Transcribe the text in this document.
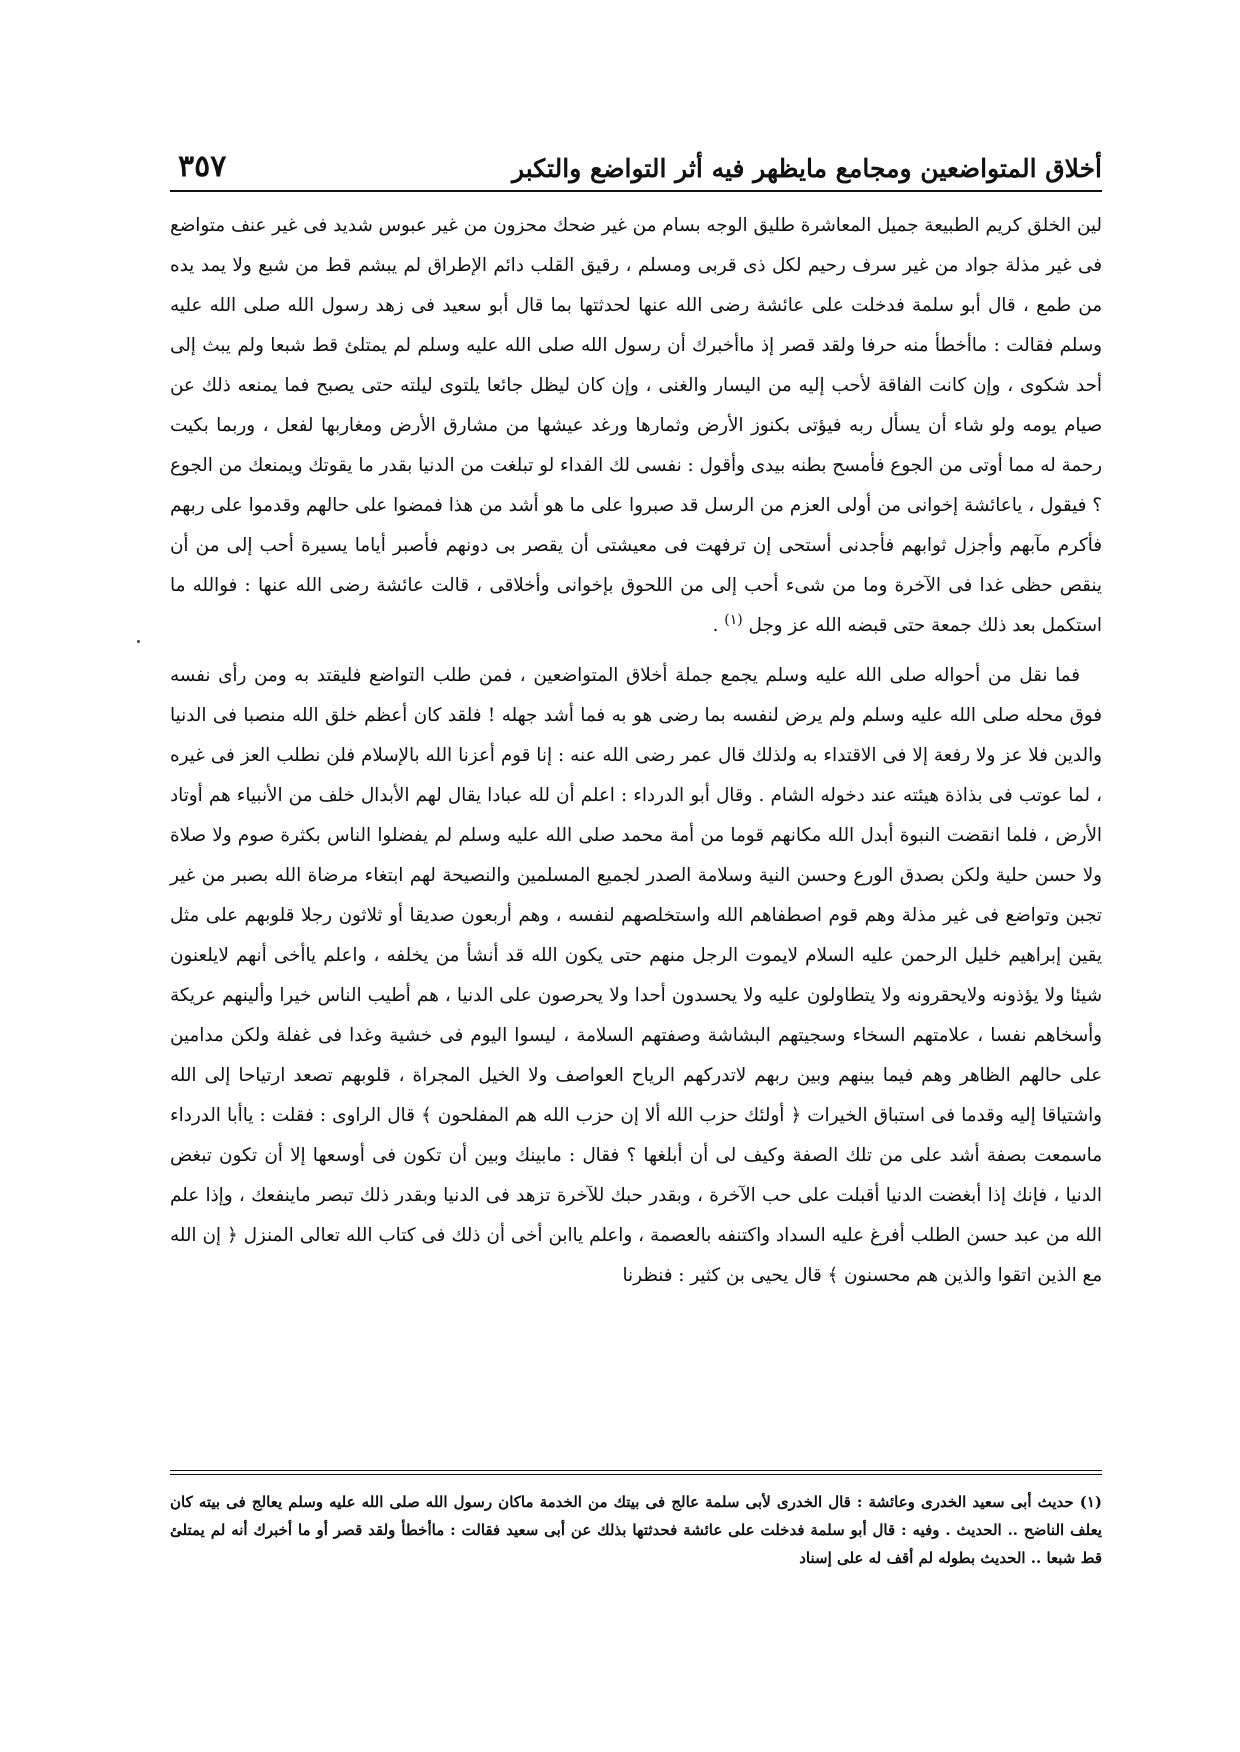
أخلاق المتواضعين ومجامع مايظهر فيه أثر التواضع والتكبر
٣٥٧

لين الخلق كريم الطبيعة جميل المعاشرة طليق الوجه بسام من غير ضحك محزون من غير عبوس شديد فى غير عنف متواضع فى غير مذلة جواد من غير سرف رحيم لكل ذى قربى ومسلم ، رقيق القلب دائم الإطراق لم يبشم قط من شبع ولا يمد يده من طمع ، قال أبو سلمة فدخلت على عائشة رضى الله عنها لحدثتها بما قال أبو سعيد فى زهد رسول الله صلى الله عليه وسلم فقالت : ماأخطأ منه حرفا ولقد قصر إذ ماأخبرك أن رسول الله صلى الله عليه وسلم لم يمتلئ قط شبعا ولم يبث إلى أحد شكوى ، وإن كانت الفاقة لأحب إليه من اليسار والغنى ، وإن كان ليظل جائعا يلتوى ليلته حتى يصبح فما يمنعه ذلك عن صيام يومه ولو شاء أن يسأل ربه فيؤتى بكنوز الأرض وثمارها ورغد عيشها من مشارق الأرض ومغاربها لفعل ، وربما بكيت رحمة له مما أوتى من الجوع فأمسح بطنه بيدى وأقول : نفسى لك الفداء لو تبلغت من الدنيا بقدر ما يقوتك ويمنعك من الجوع ؟ فيقول ، ياعائشة إخوانى من أولى العزم من الرسل قد صبروا على ما هو أشد من هذا فمضوا على حالهم وقدموا على ربهم فأكرم مآبهم وأجزل ثوابهم فأجدنى أستحى إن ترفهت فى معيشتى أن يقصر بى دونهم فأصبر أياما يسيرة أحب إلى من أن ينقص حظى غدا فى الآخرة وما من شىء أحب إلى من اللحوق بإخوانى وأخلاقى ، قالت عائشة رضى الله عنها : فوالله ما استكمل بعد ذلك جمعة حتى قبضه الله عز وجل $^{(١)}$ .

فما نقل من أحواله صلى الله عليه وسلم يجمع جملة أخلاق المتواضعين ، فمن طلب التواضع فليقتد به ومن رأى نفسه فوق محله صلى الله عليه وسلم ولم يرض لنفسه بما رضى هو به فما أشد جهله ! فلقد كان أعظم خلق الله منصبا فى الدنيا والدين فلا عز ولا رفعة إلا فى الاقتداء به ولذلك قال عمر رضى الله عنه : إنا قوم أعزنا الله بالإسلام فلن نطلب العز فى غيره ، لما عوتب فى بذاذة هيئته عند دخوله الشام . وقال أبو الدرداء : اعلم أن لله عبادا يقال لهم الأبدال خلف من الأنبياء هم أوتاد الأرض ، فلما انقضت النبوة أبدل الله مكانهم قوما من أمة محمد صلى الله عليه وسلم لم يفضلوا الناس بكثرة صوم ولا صلاة ولا حسن حلية ولكن بصدق الورع وحسن النية وسلامة الصدر لجميع المسلمين والنصيحة لهم ابتغاء مرضاة الله بصبر من غير تجبن وتواضع فى غير مذلة وهم قوم اصطفاهم الله واستخلصهم لنفسه ، وهم أربعون صديقا أو ثلاثون رجلا قلوبهم على مثل يقين إبراهيم خليل الرحمن عليه السلام لايموت الرجل منهم حتى يكون الله قد أنشأ من يخلفه ، واعلم ياأخى أنهم لايلعنون شيئا ولا يؤذونه ولايحقرونه ولا يتطاولون عليه ولا يحسدون أحدا ولا يحرصون على الدنيا ، هم أطيب الناس خيرا وألينهم عريكة وأسخاهم نفسا ، علامتهم السخاء وسجيتهم البشاشة وصفتهم السلامة ، ليسوا اليوم فى خشية وغدا فى غفلة ولكن مدامين على حالهم الظاهر وهم فيما بينهم وبين ربهم لاتدركهم الرياح العواصف ولا الخيل المجراة ، قلوبهم تصعد ارتياحا إلى الله واشتياقا إليه وقدما فى استباق الخيرات ﴿ أولئك حزب الله ألا إن حزب الله هم المفلحون ﴾ قال الراوى : فقلت : ياأبا الدرداء ماسمعت بصفة أشد على من تلك الصفة وكيف لى أن أبلغها ؟ فقال : مابينك وبين أن تكون فى أوسعها إلا أن تكون تبغض الدنيا ، فإنك إذا أبغضت الدنيا أقبلت على حب الآخرة ، وبقدر حبك للآخرة تزهد فى الدنيا وبقدر ذلك تبصر ماينفعك ، وإذا علم الله من عبد حسن الطلب أفرغ عليه السداد واكتنفه بالعصمة ، واعلم ياابن أخى أن ذلك فى كتاب الله تعالى المنزل ﴿ إن الله مع الذين اتقوا والذين هم محسنون ﴾ قال يحيى بن كثير : فنظرنا

(١) حديث أبى سعيد الخدرى وعائشة : قال الخدرى لأبى سلمة عالج فى بيتك من الخدمة ماكان رسول الله صلى الله عليه وسلم يعالج فى بيته كان يعلف الناضح .. الحديث . وفيه : قال أبو سلمة فدخلت على عائشة فحدثتها بذلك عن أبى سعيد فقالت : ماأخطأ ولقد قصر أو ما أخبرك أنه لم يمتلئ قط شبعا .. الحديث بطوله لم أقف له على إسناد
